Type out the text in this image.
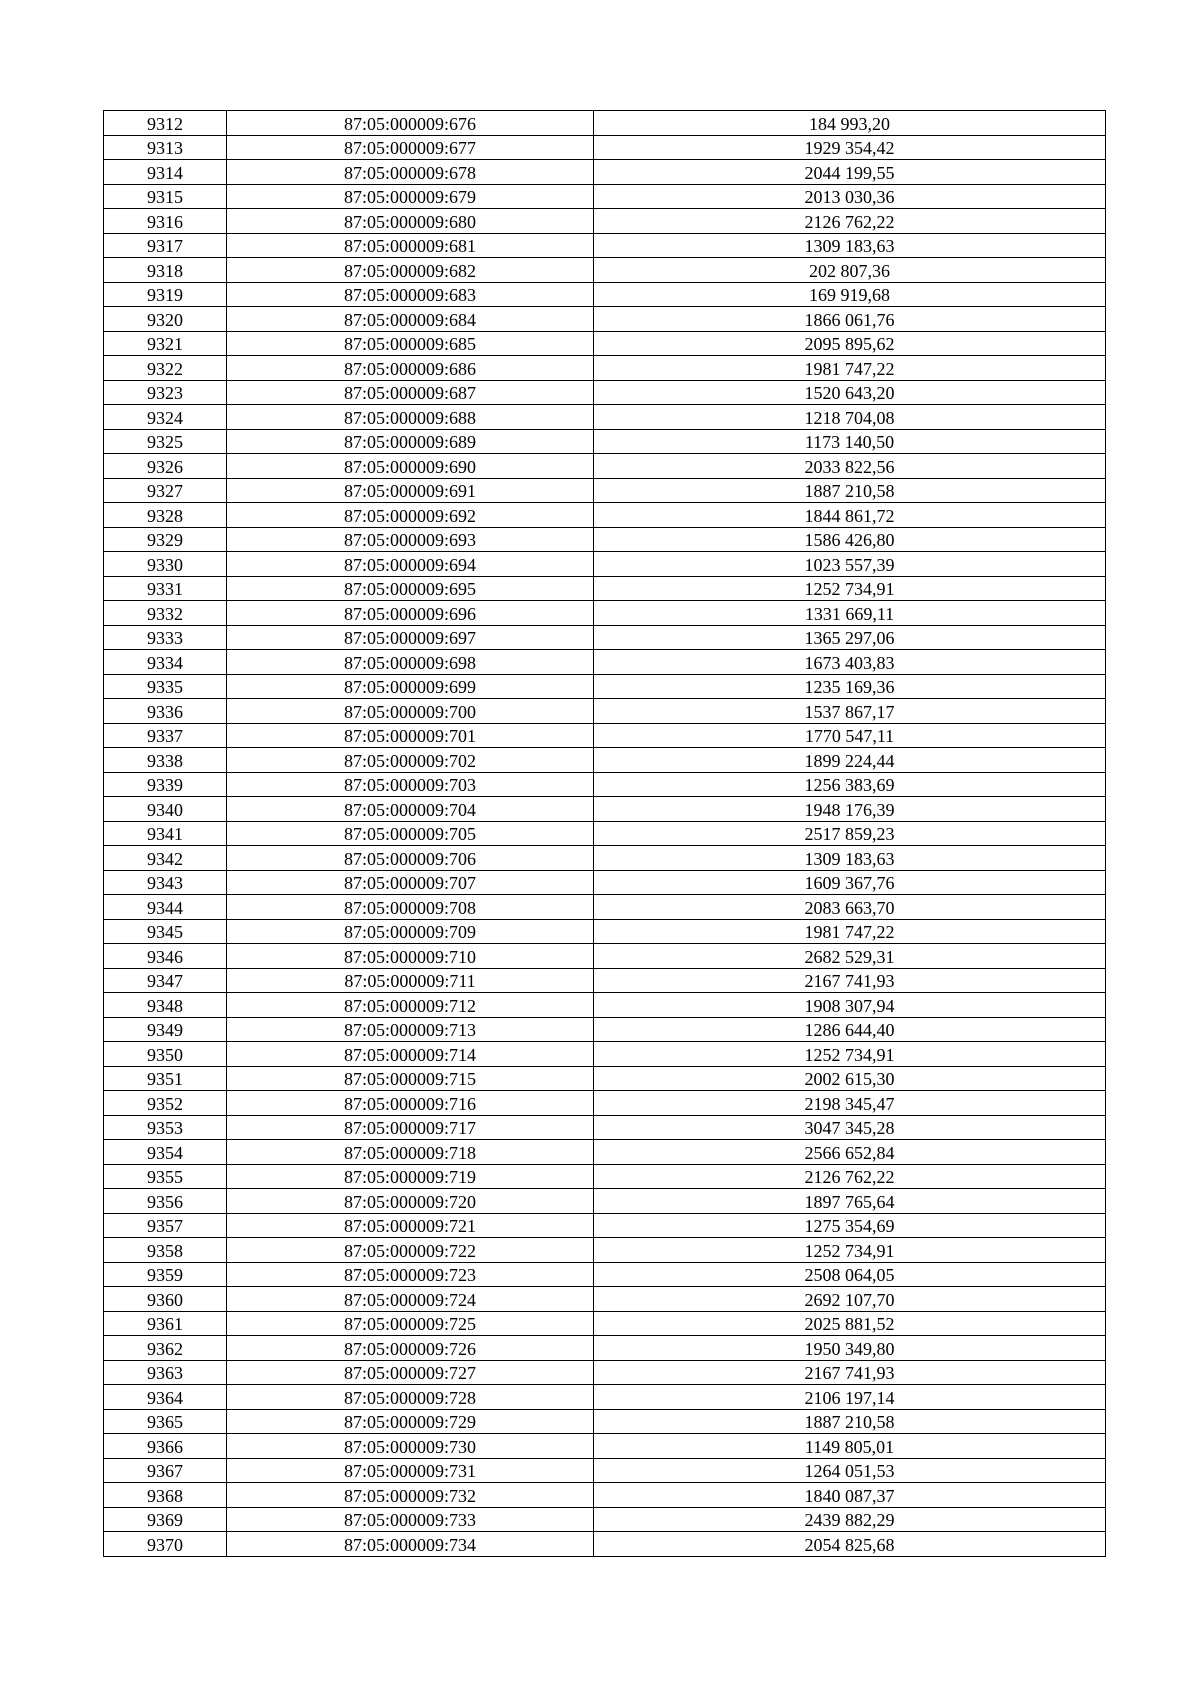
9312	87:05:000009:676	184 993,20
9313	87:05:000009:677	1929 354,42
9314	87:05:000009:678	2044 199,55
9315	87:05:000009:679	2013 030,36
9316	87:05:000009:680	2126 762,22
9317	87:05:000009:681	1309 183,63
9318	87:05:000009:682	202 807,36
9319	87:05:000009:683	169 919,68
9320	87:05:000009:684	1866 061,76
9321	87:05:000009:685	2095 895,62
9322	87:05:000009:686	1981 747,22
9323	87:05:000009:687	1520 643,20
9324	87:05:000009:688	1218 704,08
9325	87:05:000009:689	1173 140,50
9326	87:05:000009:690	2033 822,56
9327	87:05:000009:691	1887 210,58
9328	87:05:000009:692	1844 861,72
9329	87:05:000009:693	1586 426,80
9330	87:05:000009:694	1023 557,39
9331	87:05:000009:695	1252 734,91
9332	87:05:000009:696	1331 669,11
9333	87:05:000009:697	1365 297,06
9334	87:05:000009:698	1673 403,83
9335	87:05:000009:699	1235 169,36
9336	87:05:000009:700	1537 867,17
9337	87:05:000009:701	1770 547,11
9338	87:05:000009:702	1899 224,44
9339	87:05:000009:703	1256 383,69
9340	87:05:000009:704	1948 176,39
9341	87:05:000009:705	2517 859,23
9342	87:05:000009:706	1309 183,63
9343	87:05:000009:707	1609 367,76
9344	87:05:000009:708	2083 663,70
9345	87:05:000009:709	1981 747,22
9346	87:05:000009:710	2682 529,31
9347	87:05:000009:711	2167 741,93
9348	87:05:000009:712	1908 307,94
9349	87:05:000009:713	1286 644,40
9350	87:05:000009:714	1252 734,91
9351	87:05:000009:715	2002 615,30
9352	87:05:000009:716	2198 345,47
9353	87:05:000009:717	3047 345,28
9354	87:05:000009:718	2566 652,84
9355	87:05:000009:719	2126 762,22
9356	87:05:000009:720	1897 765,64
9357	87:05:000009:721	1275 354,69
9358	87:05:000009:722	1252 734,91
9359	87:05:000009:723	2508 064,05
9360	87:05:000009:724	2692 107,70
9361	87:05:000009:725	2025 881,52
9362	87:05:000009:726	1950 349,80
9363	87:05:000009:727	2167 741,93
9364	87:05:000009:728	2106 197,14
9365	87:05:000009:729	1887 210,58
9366	87:05:000009:730	1149 805,01
9367	87:05:000009:731	1264 051,53
9368	87:05:000009:732	1840 087,37
9369	87:05:000009:733	2439 882,29
9370	87:05:000009:734	2054 825,68
